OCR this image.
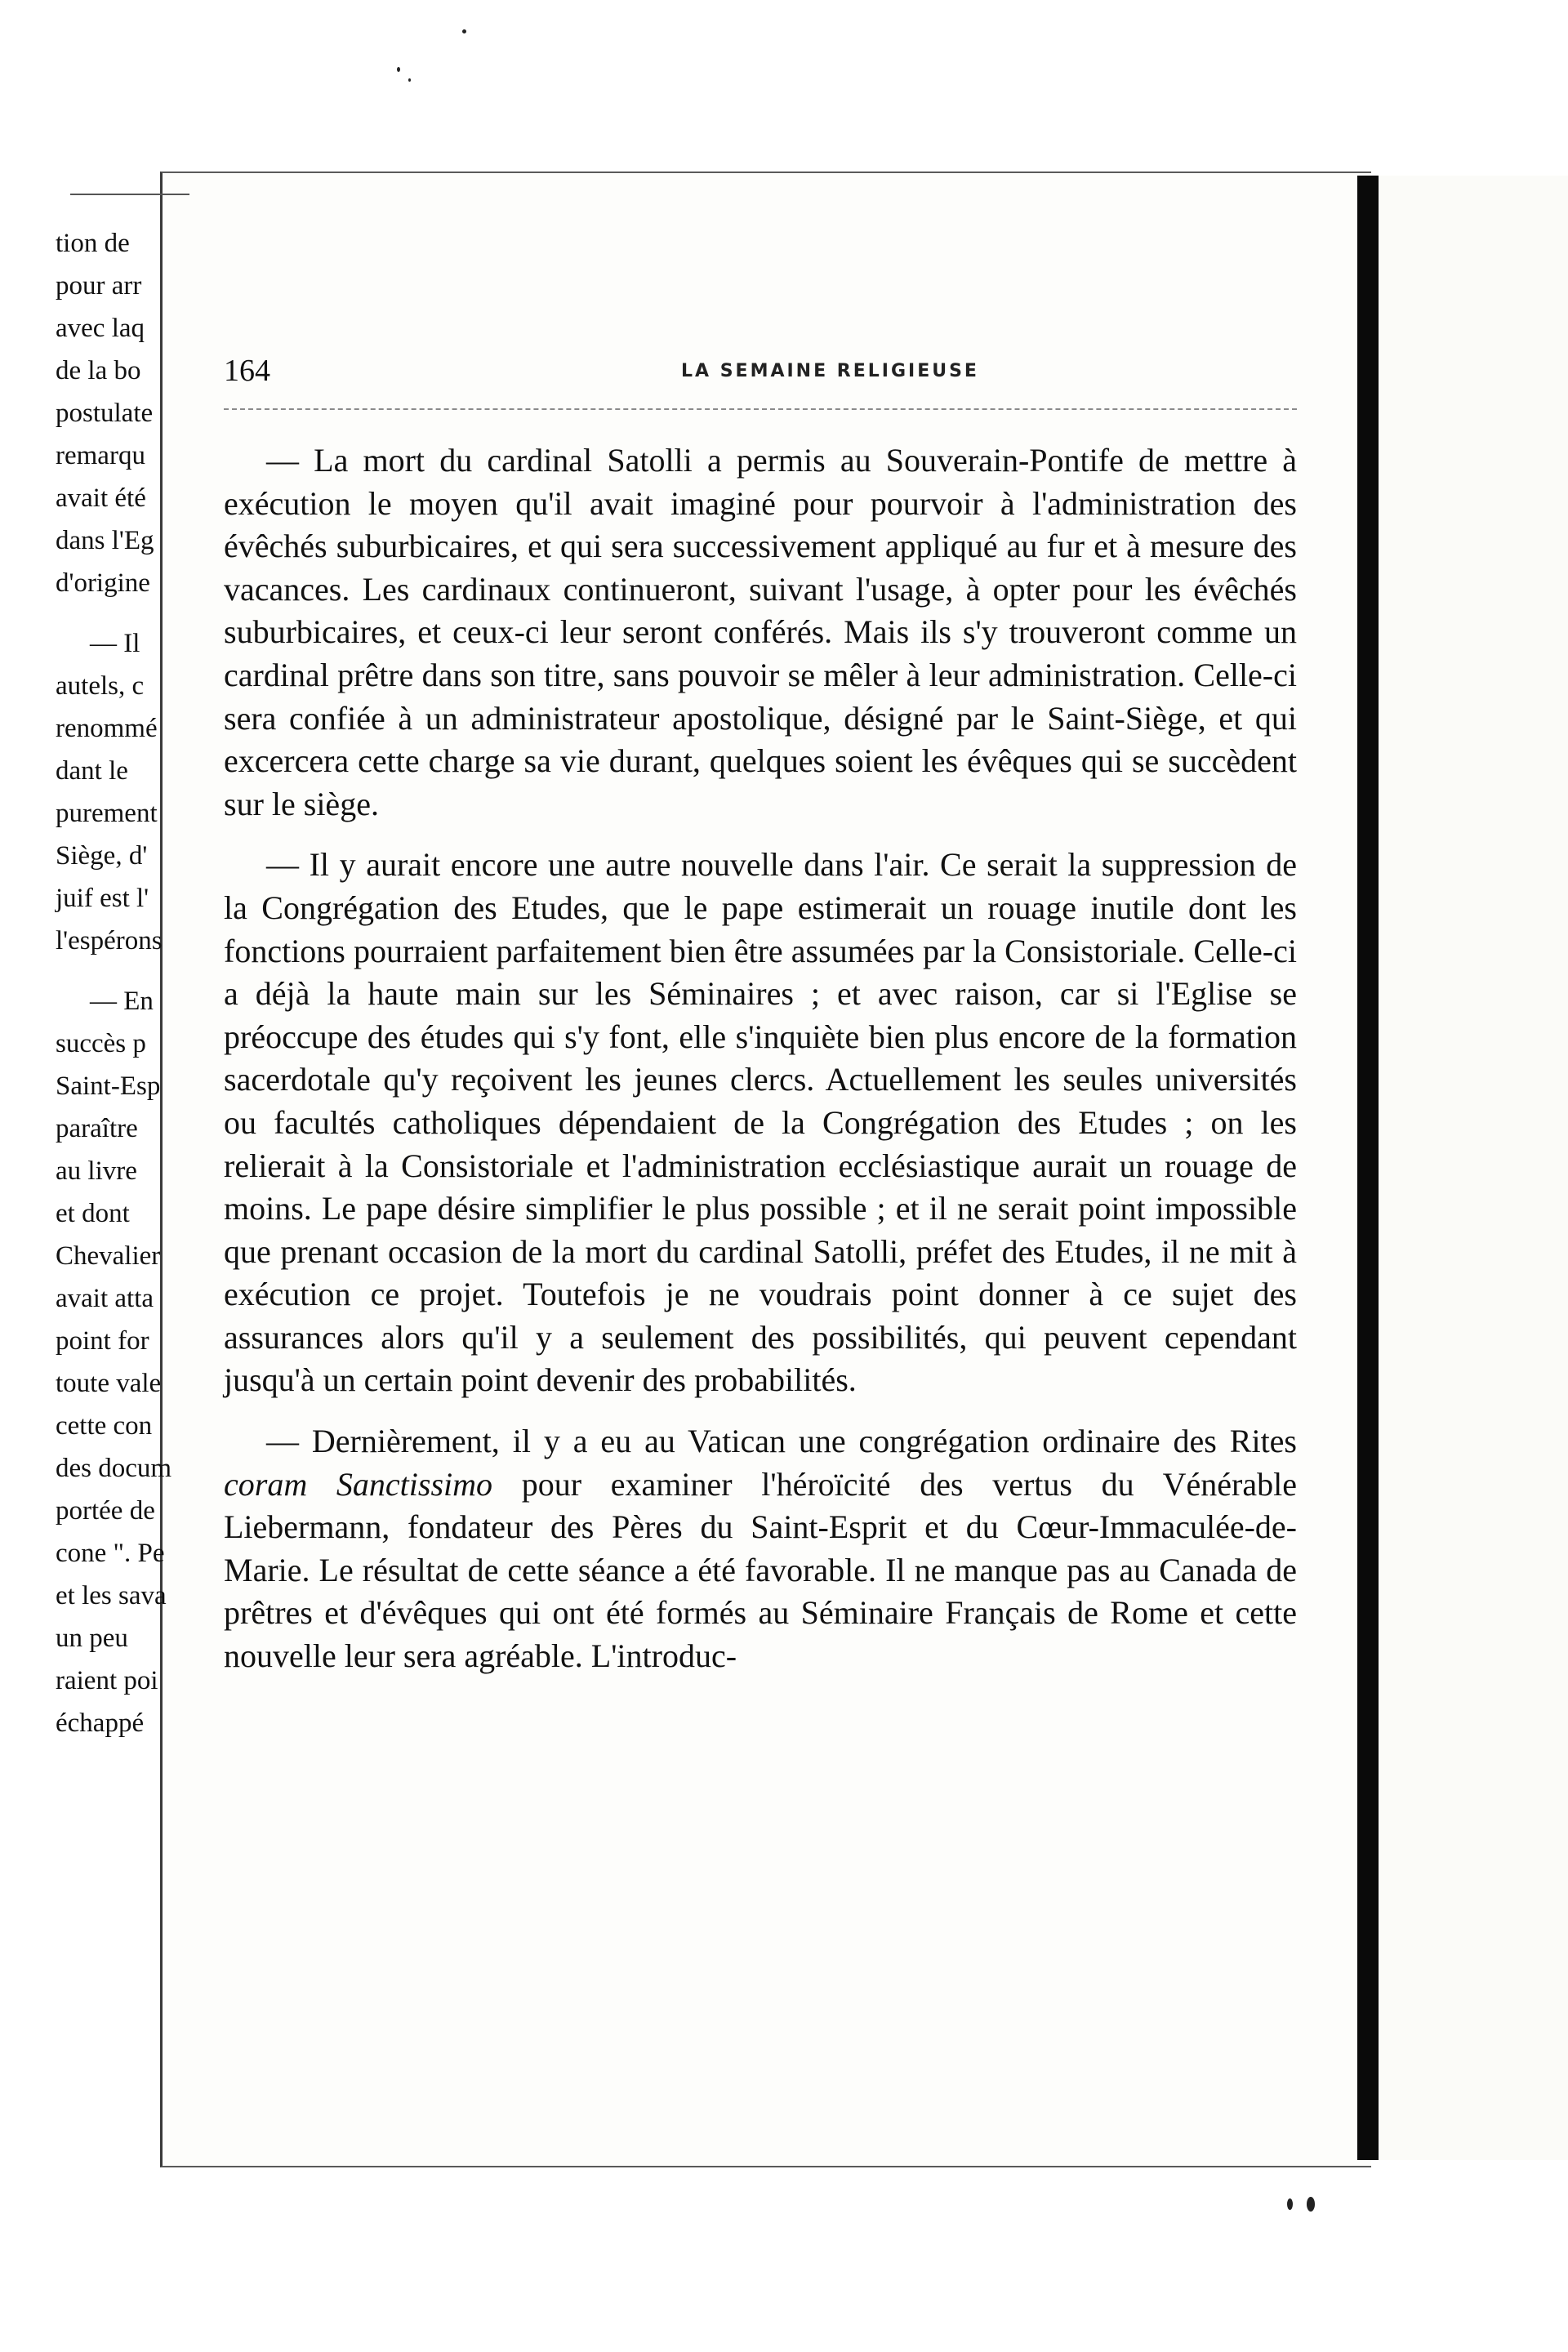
tion de
pour arr
avec laq
de la bo
postulate
remarqu
avait été
dans l'Eg
d'origine
— Il
autels, c
renommé
dant le
purement
Siège, d'
juif est l'
l'espérons
— En
succès p
Saint-Esp
paraître
au livre
et dont
Chevalier
avait atta
point for
toute vale
cette con
des docum
portée de
cone ". Pe
et les sava
un peu
raient poi
échappé
164	LA SEMAINE RELIGIEUSE

— La mort du cardinal Satolli a permis au Souverain-Pontife de mettre à exécution le moyen qu'il avait imaginé pour pourvoir à l'administration des évêchés suburbicaires, et qui sera successivement appliqué au fur et à mesure des vacances. Les cardinaux continueront, suivant l'usage, à opter pour les évêchés suburbicaires, et ceux-ci leur seront conférés. Mais ils s'y trouveront comme un cardinal prêtre dans son titre, sans pouvoir se mêler à leur administration. Celle-ci sera confiée à un administrateur apostolique, désigné par le Saint-Siège, et qui excercera cette charge sa vie durant, quelques soient les évêques qui se succèdent sur le siège.

— Il y aurait encore une autre nouvelle dans l'air. Ce serait la suppression de la Congrégation des Etudes, que le pape estimerait un rouage inutile dont les fonctions pourraient parfaitement bien être assumées par la Consistoriale. Celle-ci a déjà la haute main sur les Séminaires ; et avec raison, car si l'Eglise se préoccupe des études qui s'y font, elle s'inquiète bien plus encore de la formation sacerdotale qu'y reçoivent les jeunes clercs. Actuellement les seules universités ou facultés catholiques dépendaient de la Congrégation des Etudes ; on les relierait à la Consistoriale et l'administration ecclésiastique aurait un rouage de moins. Le pape désire simplifier le plus possible ; et il ne serait point impossible que prenant occasion de la mort du cardinal Satolli, préfet des Etudes, il ne mit à exécution ce projet. Toutefois je ne voudrais point donner à ce sujet des assurances alors qu'il y a seulement des possibilités, qui peuvent cependant jusqu'à un certain point devenir des probabilités.

— Dernièrement, il y a eu au Vatican une congrégation ordinaire des Rites coram Sanctissimo pour examiner l'héroïcité des vertus du Vénérable Liebermann, fondateur des Pères du Saint-Esprit et du Cœur-Immaculée-de-Marie. Le résultat de cette séance a été favorable. Il ne manque pas au Canada de prêtres et d'évêques qui ont été formés au Séminaire Français de Rome et cette nouvelle leur sera agréable. L'introduc-
